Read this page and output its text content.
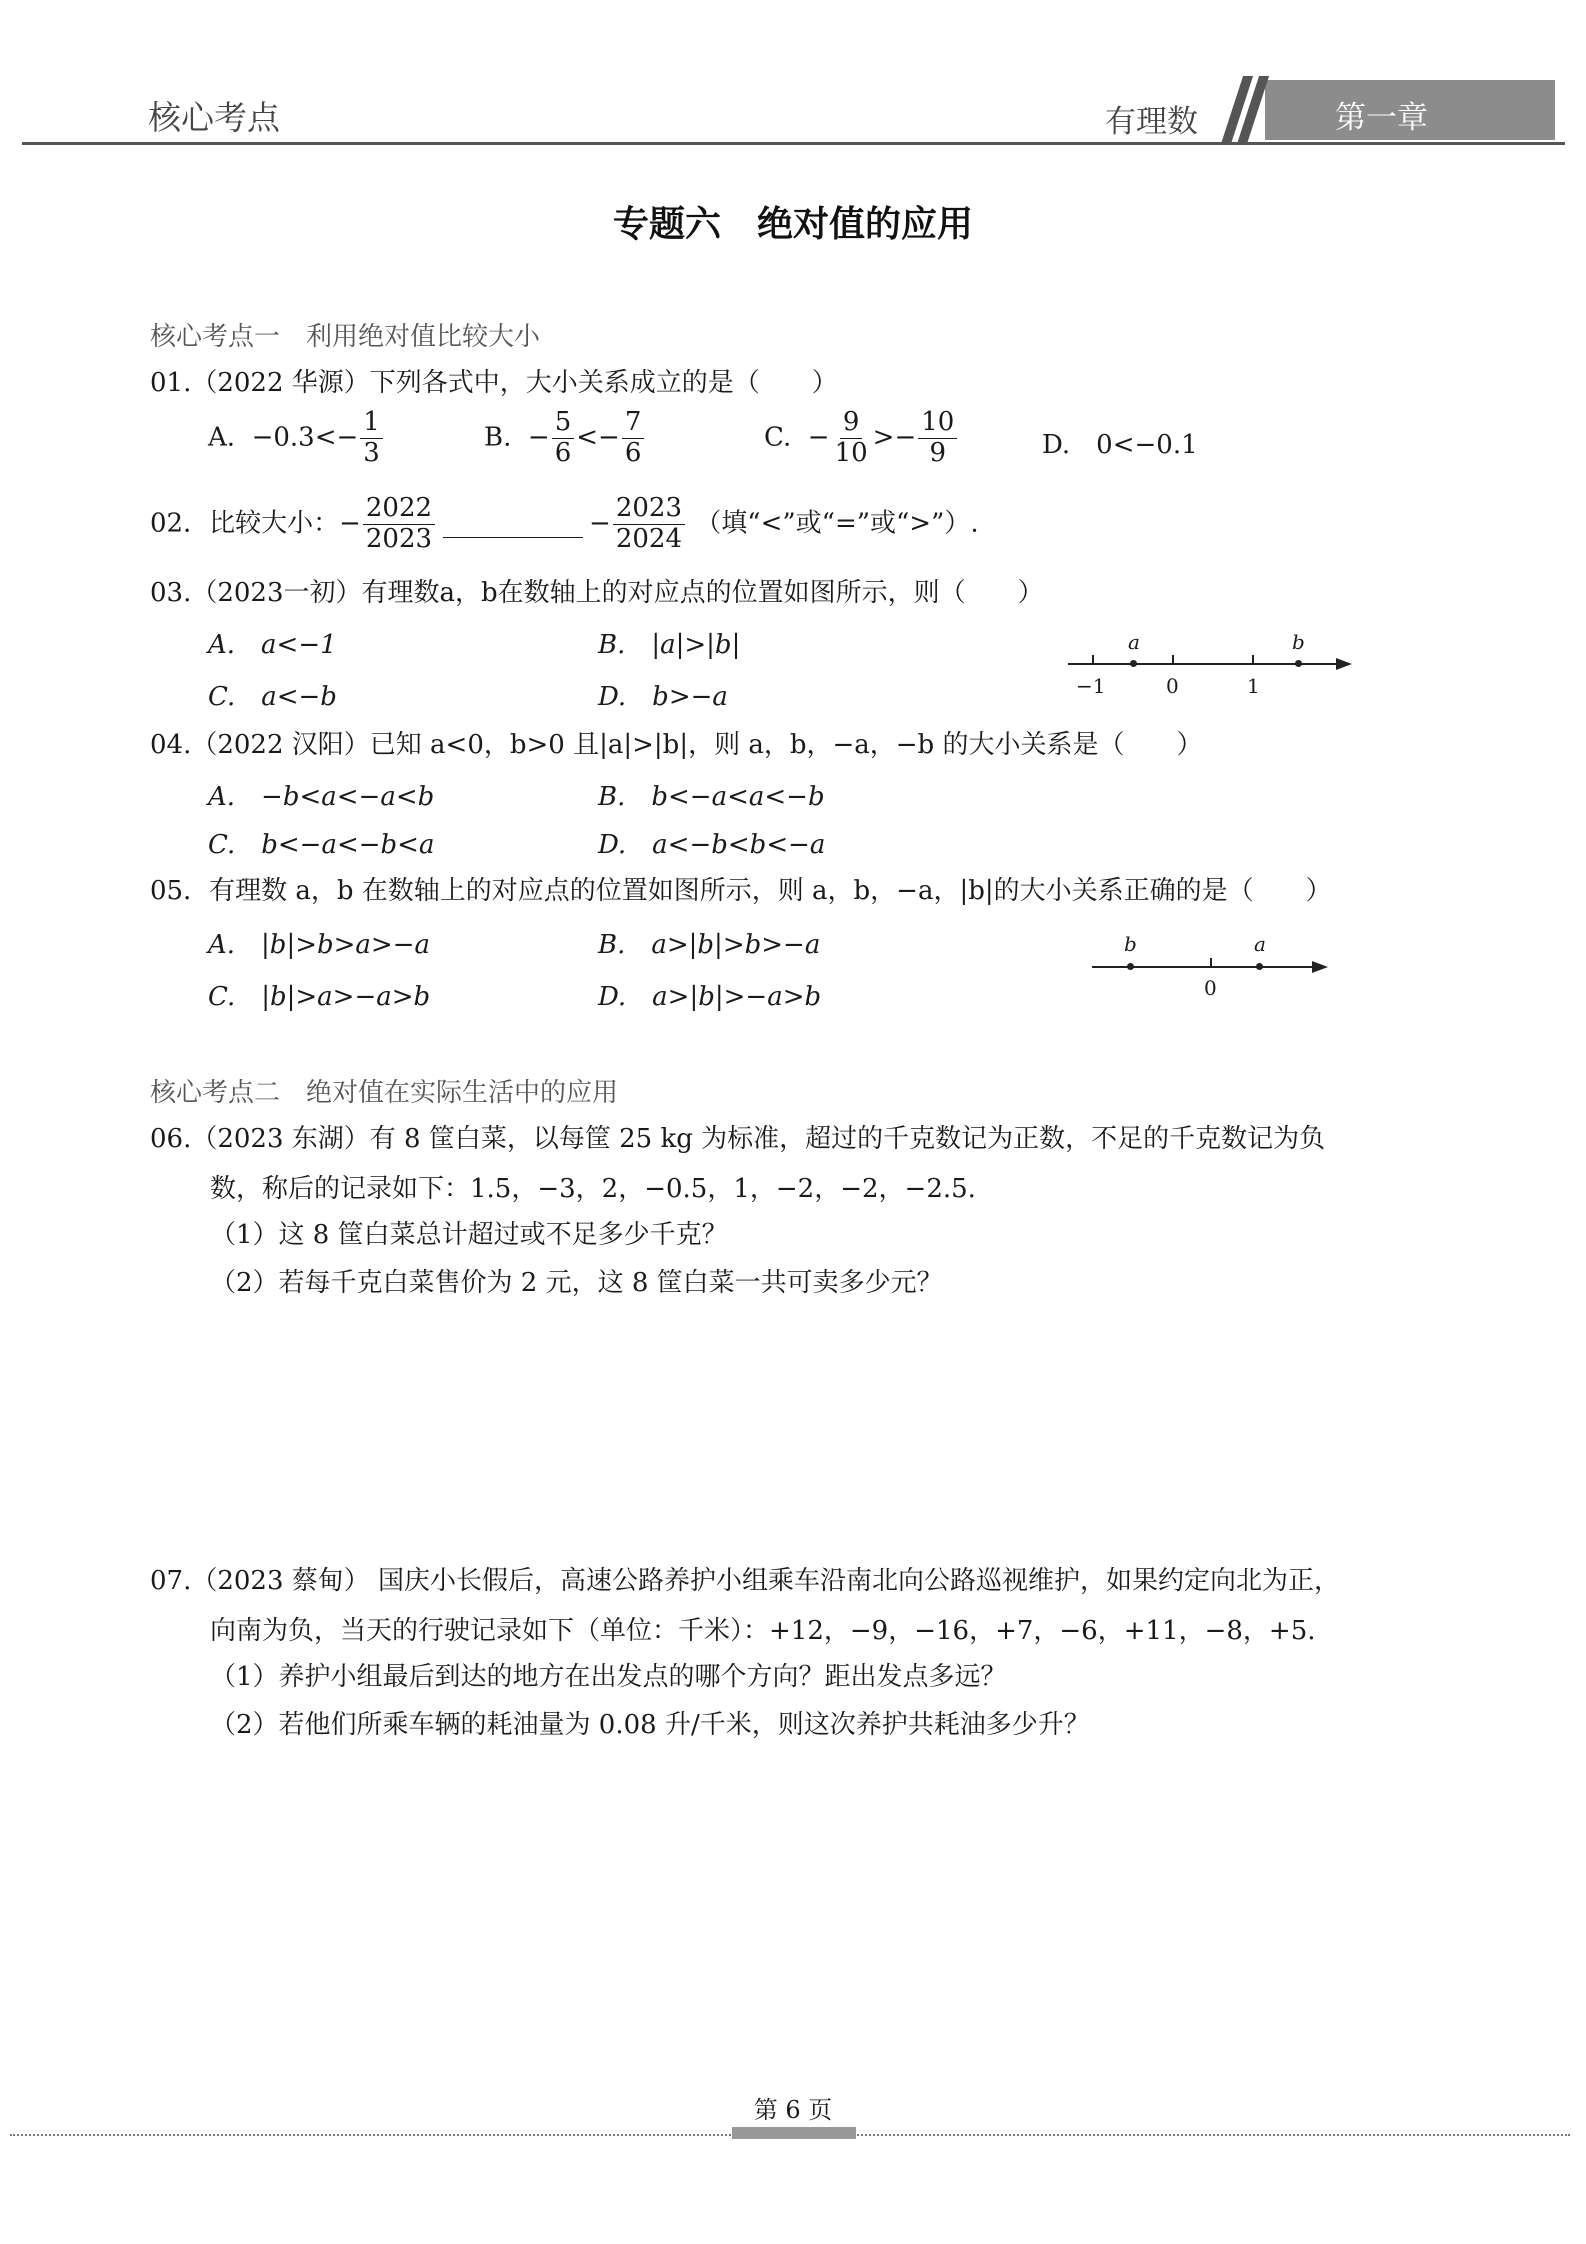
核心考点	有理数	第一章
专题六　绝对值的应用
核心考点一　利用绝对值比较大小
01.（2022 华源）下列各式中，大小关系成立的是（　　）
A. $-0.3<- \frac{1}{3}$	B.  − $\frac{5}{6} <- \frac{7}{6}$	C.  − $\frac{9}{10} >- \frac{10}{9}$	D.　0<−0.1
02．比较大小：− $\frac{2022}{2023}$	− $\frac{2023}{2024}$ （填“<”或“=”或“>”）.
03.（2023一初）有理数a，b在数轴上的对应点的位置如图所示，则（　　）
A.　a<−1	B.　|a|>|b|
C.　a<−b	D.　b>−a	−1	0	1
a	b
04.（2022 汉阳）已知 a<0，b>0 且|a|>|b|，则 a，b，−a，−b 的大小关系是（　　）
A.　−b<a<−a<b	B.　b<−a<a<−b
C.　b<−a<−b<a	D.　a<−b<b<−a
05．有理数 a，b 在数轴上的对应点的位置如图所示，则 a，b，−a，|b|的大小关系正确的是（　　）
A.　|b|>b>a>−a	B.　a>|b|>b>−a
C.　|b|>a>−a>b	D.　a>|b|>−a>b	0
b	a
核心考点二　绝对值在实际生活中的应用
06.（2023 东湖）有 8 筐白菜，以每筐 25 kg 为标准，超过的千克数记为正数，不足的千克数记为负
数，称后的记录如下：1.5，−3，2，−0.5，1，−2，−2，−2.5.
（1）这 8 筐白菜总计超过或不足多少千克？
（2）若每千克白菜售价为 2 元，这 8 筐白菜一共可卖多少元？
07.（2023 蔡甸） 国庆小长假后，高速公路养护小组乘车沿南北向公路巡视维护，如果约定向北为正，
向南为负，当天的行驶记录如下（单位：千米）：+12，−9，−16，+7，−6，+11，−8，+5.
（1）养护小组最后到达的地方在出发点的哪个方向？距出发点多远？
（2）若他们所乘车辆的耗油量为 0.08 升/千米，则这次养护共耗油多少升？
第 6 页
